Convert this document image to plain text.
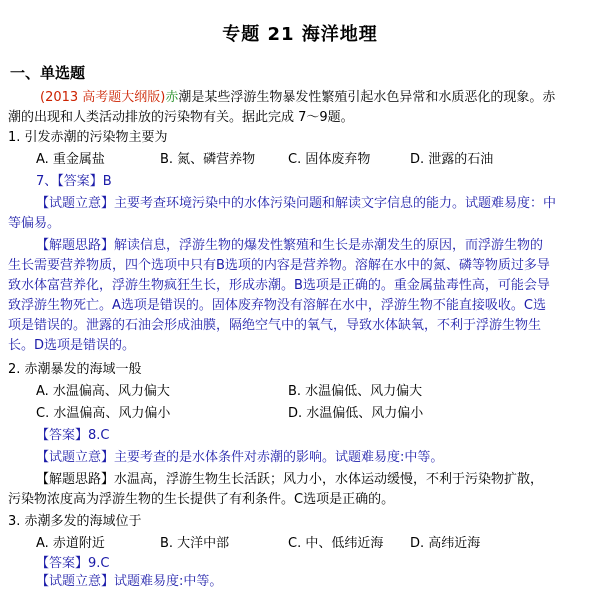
专题 21 海洋地理
一、单选题
(2013 高考题大纲版)赤潮是某些浮游生物暴发性繁殖引起水色异常和水质恶化的现象。赤
潮的出现和人类活动排放的污染物有关。据此完成 7～9题。
1. 引发赤潮的污染物主要为
A. 重金属盐	B. 氮、磷营养物	C. 固体废弃物	D. 泄露的石油
7、【答案】B
【试题立意】主要考查环境污染中的水体污染问题和解读文字信息的能力。试题难易度：中
等偏易。
【解题思路】解读信息，浮游生物的爆发性繁殖和生长是赤潮发生的原因，而浮游生物的
生长需要营养物质，四个选项中只有B选项的内容是营养物。溶解在水中的氮、磷等物质过多导
致水体富营养化，浮游生物疯狂生长，形成赤潮。B选项是正确的。重金属盐毒性高，可能会导
致浮游生物死亡。A选项是错误的。固体废弃物没有溶解在水中，浮游生物不能直接吸收。C选
项是错误的。泄露的石油会形成油膜，隔绝空气中的氧气，导致水体缺氧，不利于浮游生物生
长。D选项是错误的。
2. 赤潮暴发的海域一般
A. 水温偏高、风力偏大	B. 水温偏低、风力偏大
C. 水温偏高、风力偏小	D. 水温偏低、风力偏小
【答案】8.C
【试题立意】主要考查的是水体条件对赤潮的影响。试题难易度:中等。
【解题思路】水温高，浮游生物生长活跃；风力小，水体运动缓慢，不利于污染物扩散，
污染物浓度高为浮游生物的生长提供了有利条件。C选项是正确的。
3. 赤潮多发的海域位于
A. 赤道附近	B. 大洋中部	C. 中、低纬近海 D. 高纬近海
【答案】9.C
【试题立意】试题难易度:中等。
